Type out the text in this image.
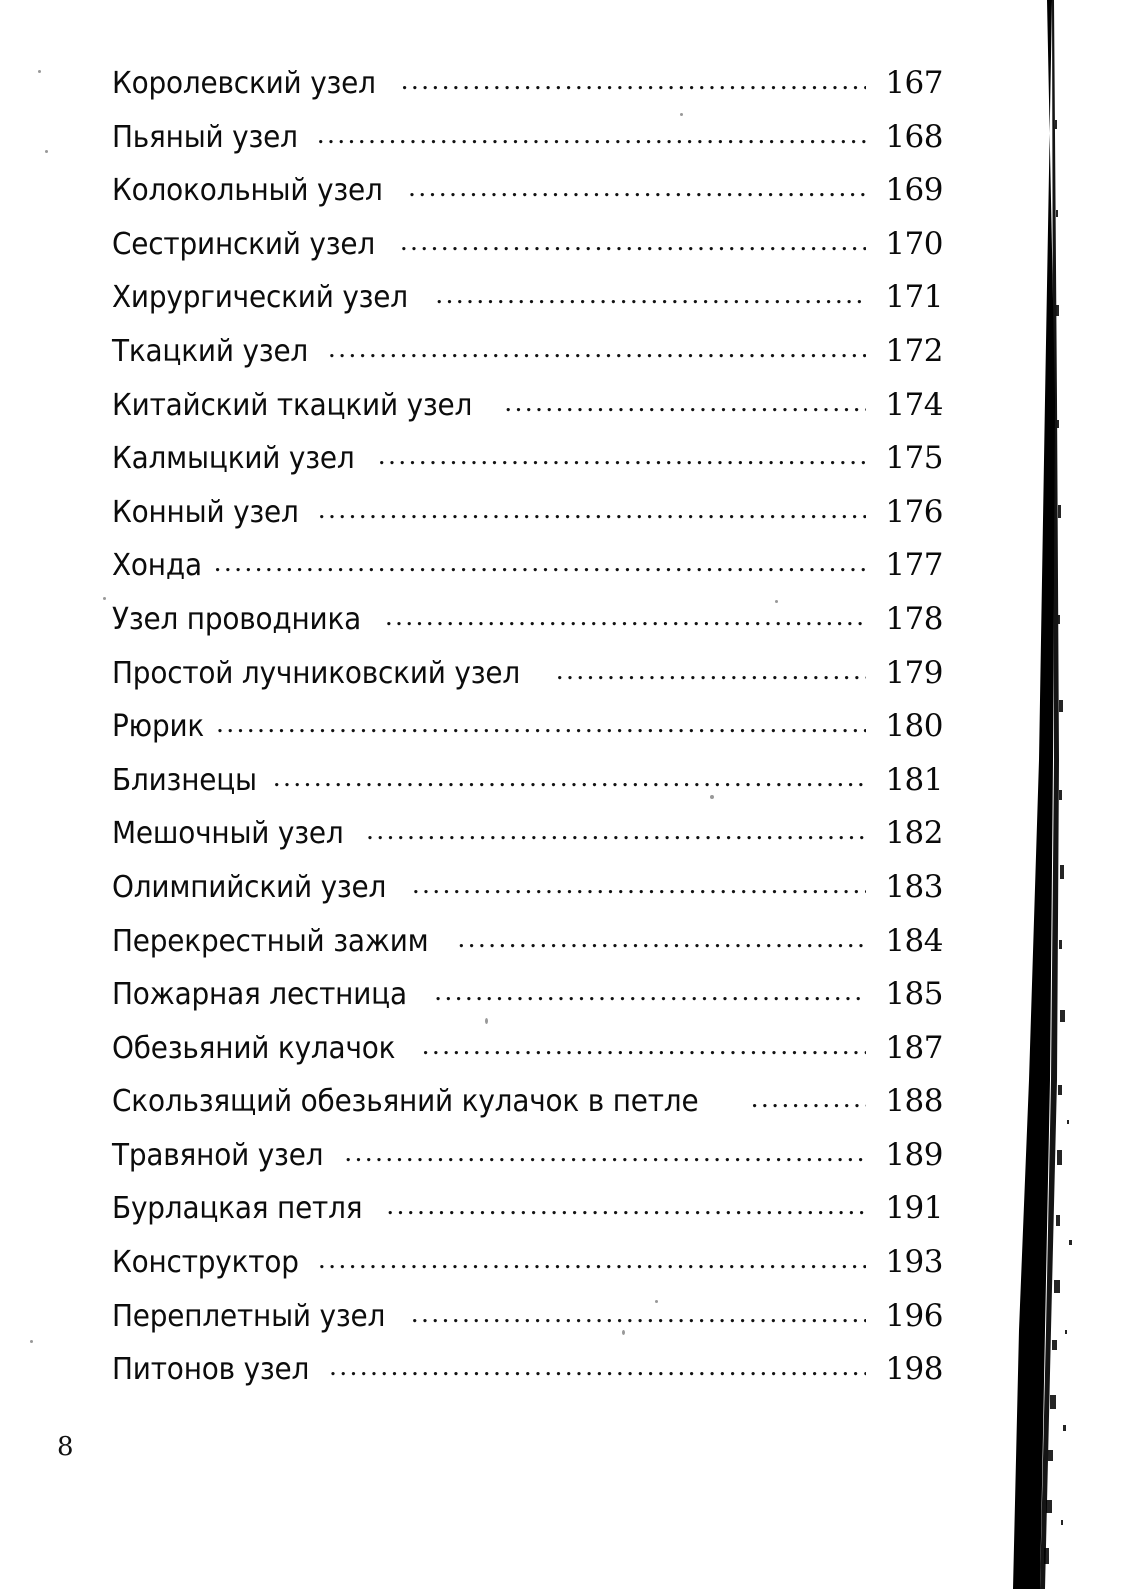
Королевский узел .....	167
Пьяный узел .....	168
Колокольный узел .....	169
Сестринский узел .....	170
Хирургический узел .....	171
Ткацкий узел .....	172
Китайский ткацкий узел .....	174
Калмыцкий узел .....	175
Конный узел .....	176
Хонда .....	177
Узел проводника .....	178
Простой лучниковский узел .....	179
Рюрик .....	180
Близнецы .....	181
Мешочный узел .....	182
Олимпийский узел .....	183
Перекрестный зажим .....	184
Пожарная лестница .....	185
Обезьяний кулачок .....	187
Скользящий обезьяний кулачок в петле .....	188
Травяной узел .....	189
Бурлацкая петля .....	191
Конструктор .....	193
Переплетный узел .....	196
Питонов узел .....	198
8
